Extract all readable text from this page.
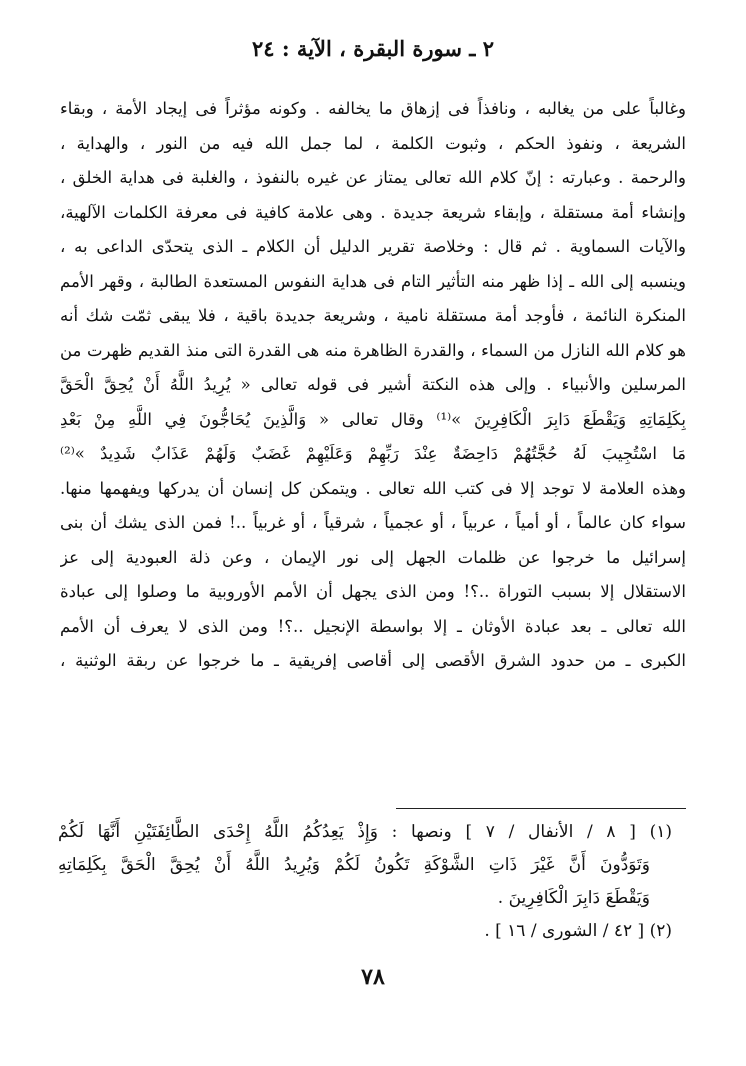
٢ ـ سورة البقرة ، الآية : ٢٤
وغالباً على من يغالبه ، ونافذاً فى إزهاق ما يخالفه . وكونه مؤثراً فى إيجاد الأمة ، وبقاء
الشريعة ، ونفوذ الحكم ، وثبوت الكلمة ، لما جمل الله فيه من النور ، والهداية ،
والرحمة . وعبارته : إنّ كلام الله تعالى يمتاز عن غيره بالنفوذ ، والغلبة فى هداية الخلق ،
وإنشاء أمة مستقلة ، وإبقاء شريعة جديدة . وهى علامة كافية فى معرفة الكلمات الآلهية،
والآيات السماوية . ثم قال : وخلاصة تقرير الدليل أن الكلام ـ الذى يتحدّى الداعى به ،
وينسبه إلى الله ـ إذا ظهر منه التأثير التام فى هداية النفوس المستعدة الطالبة ، وقهر الأمم
المنكرة النائمة ، فأوجد أمة مستقلة نامية ، وشريعة جديدة باقية ، فلا يبقى ثمّت شك أنه
هو كلام الله النازل من السماء ، والقدرة الظاهرة منه هى القدرة التى منذ القديم ظهرت من
المرسلين والأنبياء . وإلى هذه النكتة أشير فى قوله تعالى « يُرِيدُ اللَّهُ أَنْ يُحِقَّ الْحَقَّ
بِكَلِمَاتِهِ وَيَقْطَعَ دَابِرَ الْكَافِرِينَ »⁽¹⁾ وقال تعالى « وَالَّذِينَ يُحَاجُّونَ فِي اللَّهِ مِنْ بَعْدِ
مَا اسْتُجِيبَ لَهُ حُجَّتُهُمْ دَاحِضَةٌ عِنْدَ رَبِّهِمْ وَعَلَيْهِمْ غَضَبٌ وَلَهُمْ عَذَابٌ شَدِيدٌ »⁽²⁾
وهذه العلامة لا توجد إلا فى كتب الله تعالى . ويتمكن كل إنسان أن يدركها ويفهمها منها.
سواء كان عالماً ، أو أمياً ، عربياً ، أو عجمياً ، شرقياً ، أو غربياً ..! فمن الذى يشك أن بنى
إسرائيل ما خرجوا عن ظلمات الجهل إلى نور الإيمان ، وعن ذلة العبودية إلى عز
الاستقلال إلا بسبب التوراة ..؟! ومن الذى يجهل أن الأمم الأوروبية ما وصلوا إلى عبادة
الله تعالى ـ بعد عبادة الأوثان ـ إلا بواسطة الإنجيل ..؟! ومن الذى لا يعرف أن الأمم
الكبرى ـ من حدود الشرق الأقصى إلى أقاصى إفريقية ـ ما خرجوا عن ربقة الوثنية ،
(١) [ ٨ / الأنفال / ٧ ] ونصها : وَإِذْ يَعِدُكُمُ اللَّهُ إِحْدَى الطَّائِفَتَيْنِ أَنَّهَا لَكُمْ
وَتَوَدُّونَ أَنَّ غَيْرَ ذَاتِ الشَّوْكَةِ تَكُونُ لَكُمْ وَيُرِيدُ اللَّهُ أَنْ يُحِقَّ الْحَقَّ بِكَلِمَاتِهِ
وَيَقْطَعَ دَابِرَ الْكَافِرِينَ .
(٢) [ ٤٢ / الشورى / ١٦ ] .
٧٨
